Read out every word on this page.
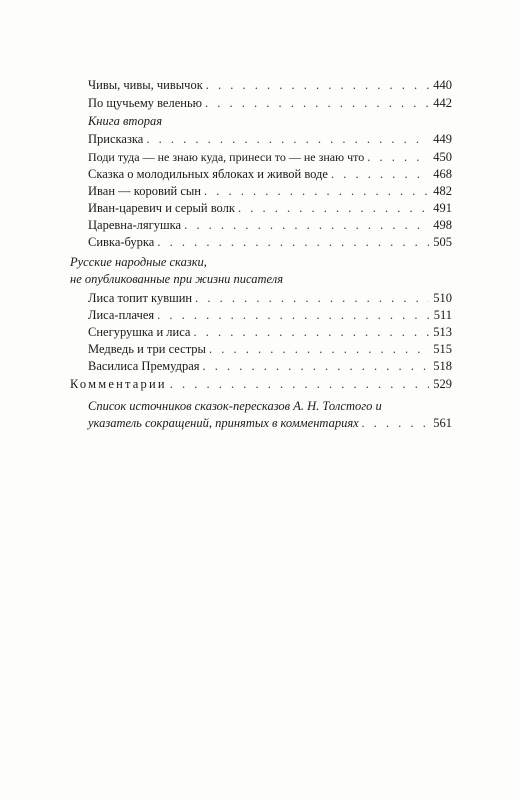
Чивы, чивы, чивычок . . .	440
По щучьему веленью . . .	442
Книга вторая
Присказка . . .	449
Поди туда — не знаю куда, принеси то — не знаю что . . .	450
Сказка о молодильных яблоках и живой воде . . .	468
Иван — коровий сын . . .	482
Иван-царевич и серый волк . . .	491
Царевна-лягушка . . .	498
Сивка-бурка . . .	505
Русские народные сказки,
не опубликованные при жизни писателя
Лиса топит кувшин . . .	510
Лиса-плачея . . .	511
Снегурушка и лиса . . .	513
Медведь и три сестры . . .	515
Василиса Премудрая . . .	518
Комментарии . . .	529
Список источников сказок-пересказов А. Н. Толстого и
указатель сокращений, принятых в комментариях . . .	561
